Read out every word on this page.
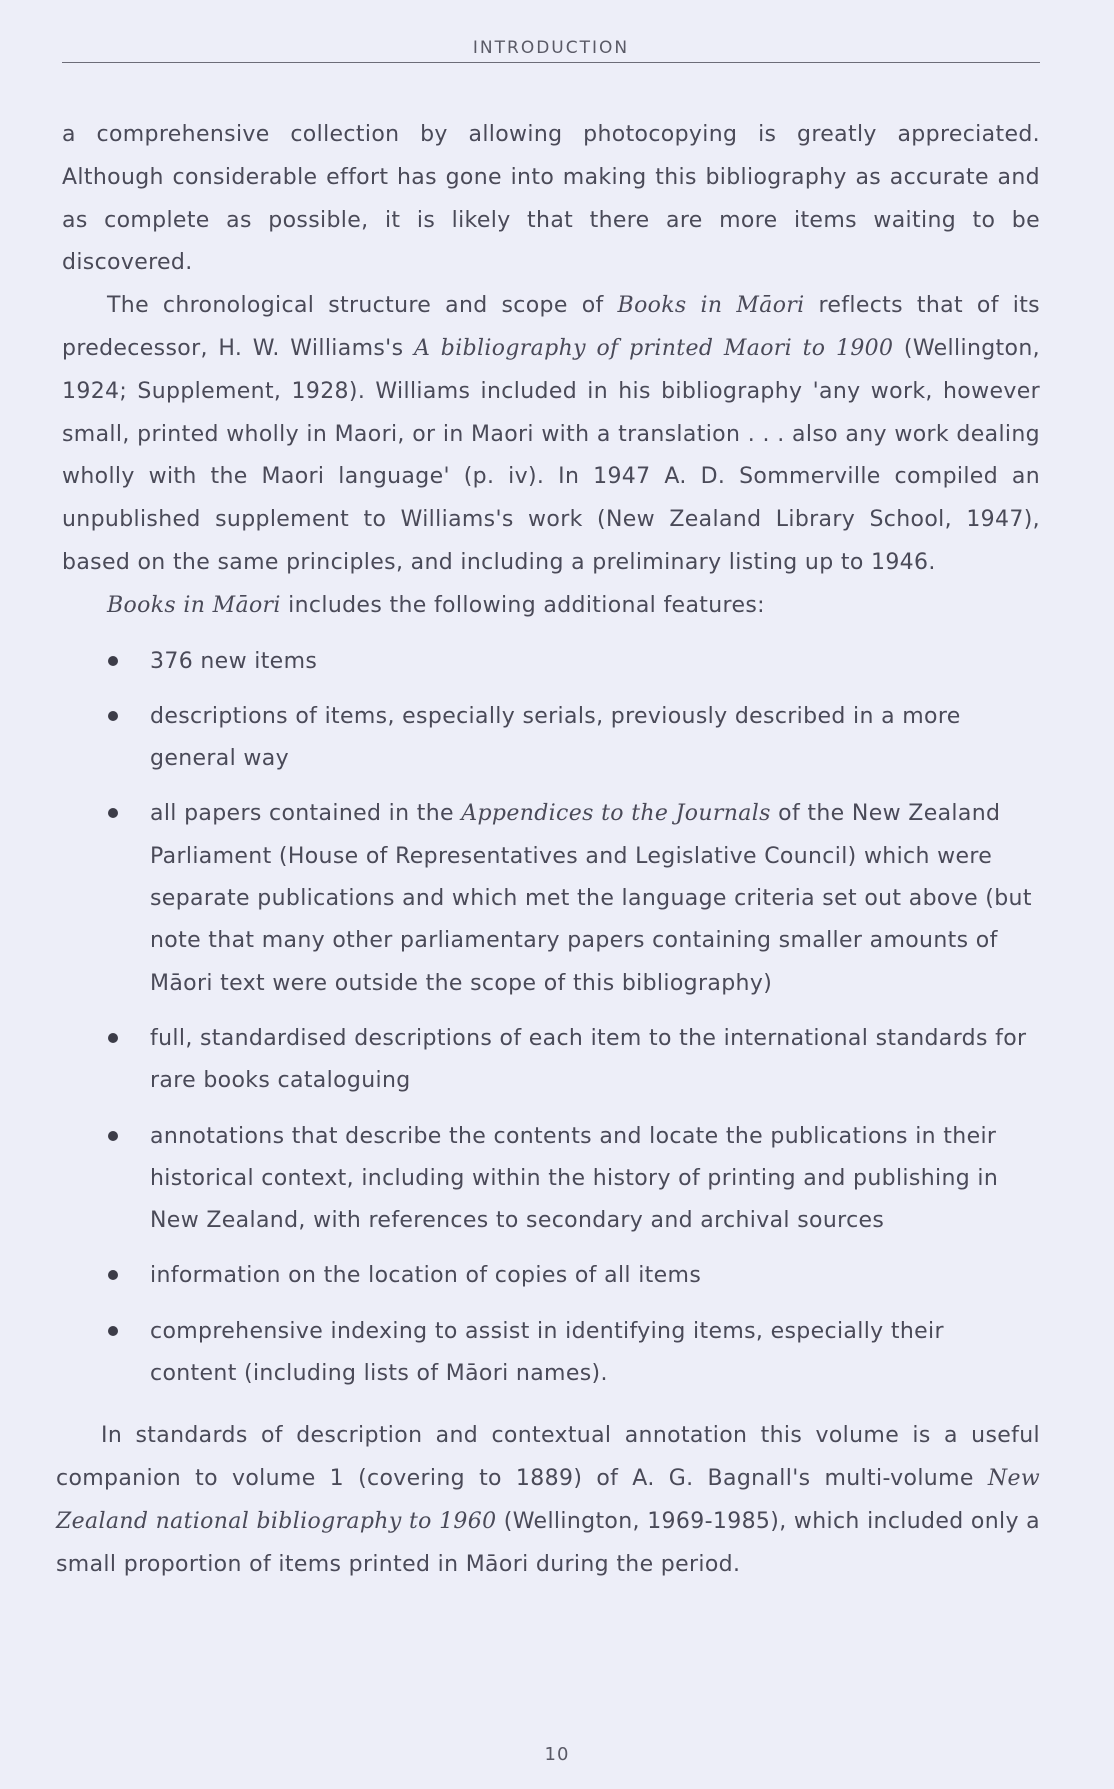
INTRODUCTION

a comprehensive collection by allowing photocopying is greatly appreciated. Although considerable effort has gone into making this bibliography as accurate and as complete as possible, it is likely that there are more items waiting to be discovered.

The chronological structure and scope of Books in Māori reflects that of its predecessor, H. W. Williams's A bibliography of printed Maori to 1900 (Wellington, 1924; Supplement, 1928). Williams included in his bibliography 'any work, however small, printed wholly in Maori, or in Maori with a translation . . . also any work dealing wholly with the Maori language' (p. iv). In 1947 A. D. Sommerville compiled an unpublished supplement to Williams's work (New Zealand Library School, 1947), based on the same principles, and including a preliminary listing up to 1946.

Books in Māori includes the following additional features:

376 new items
descriptions of items, especially serials, previously described in a more general way
all papers contained in the Appendices to the Journals of the New Zealand Parliament (House of Representatives and Legislative Council) which were separate publications and which met the language criteria set out above (but note that many other parliamentary papers containing smaller amounts of Māori text were outside the scope of this bibliography)
full, standardised descriptions of each item to the international standards for rare books cataloguing
annotations that describe the contents and locate the publications in their historical context, including within the history of printing and publishing in New Zealand, with references to secondary and archival sources
information on the location of copies of all items
comprehensive indexing to assist in identifying items, especially their content (including lists of Māori names).

In standards of description and contextual annotation this volume is a useful companion to volume 1 (covering to 1889) of A. G. Bagnall's multi-volume New Zealand national bibliography to 1960 (Wellington, 1969-1985), which included only a small proportion of items printed in Māori during the period.

10
